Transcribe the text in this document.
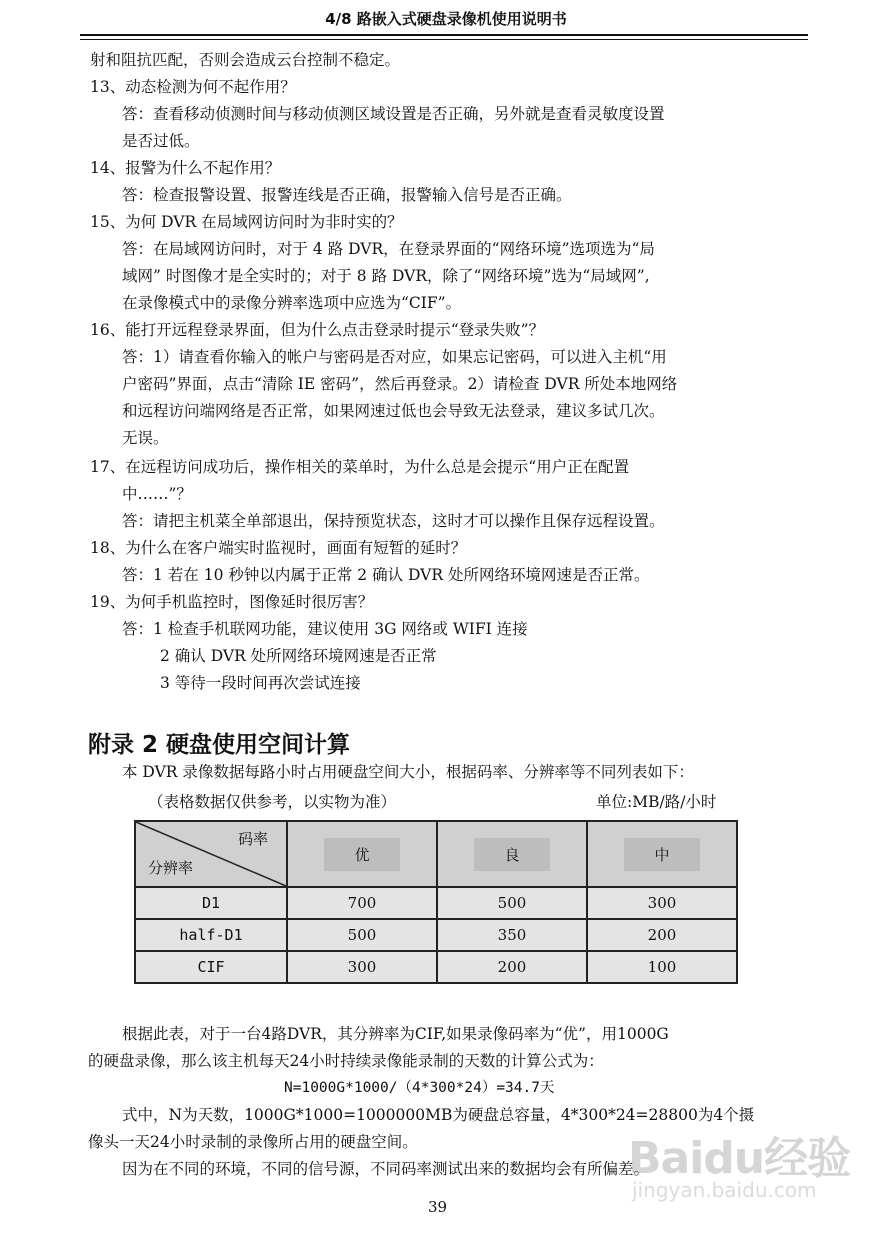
4/8 路嵌入式硬盘录像机使用说明书
射和阻抗匹配，否则会造成云台控制不稳定。
13、动态检测为何不起作用？
答：查看移动侦测时间与移动侦测区域设置是否正确，另外就是查看灵敏度设置
是否过低。
14、报警为什么不起作用？
答：检查报警设置、报警连线是否正确，报警输入信号是否正确。
15、为何 DVR 在局域网访问时为非时实的？
答：在局域网访问时，对于 4 路 DVR，在登录界面的“网络环境”选项选为“局
域网” 时图像才是全实时的；对于 8 路 DVR，除了“网络环境”选为“局域网”,
在录像模式中的录像分辨率选项中应选为“CIF”。
16、能打开远程登录界面，但为什么点击登录时提示“登录失败”？
答：1）请查看你输入的帐户与密码是否对应，如果忘记密码，可以进入主机“用
户密码”界面，点击“清除 IE 密码”，然后再登录。2）请检查 DVR 所处本地网络
和远程访问端网络是否正常，如果网速过低也会导致无法登录，建议多试几次。
无误。
17、在远程访问成功后，操作相关的菜单时，为什么总是会提示“用户正在配置
中……”？
答：请把主机菜全单部退出，保持预览状态，这时才可以操作且保存远程设置。
18、为什么在客户端实时监视时，画面有短暂的延时？
答：1 若在 10 秒钟以内属于正常 2 确认 DVR 处所网络环境网速是否正常。
19、为何手机监控时，图像延时很厉害？
答：1 检查手机联网功能，建议使用 3G 网络或 WIFI 连接
2 确认 DVR 处所网络环境网速是否正常
3 等待一段时间再次尝试连接
附录 2 硬盘使用空间计算
本 DVR 录像数据每路小时占用硬盘空间大小，根据码率、分辨率等不同列表如下：
（表格数据仅供参考，以实物为准）	单位:MB/路/小时
码率
分辨率	优	良	中
D1	700	500	300
half-D1	500	350	200
CIF	300	200	100
根据此表，对于一台4路DVR，其分辨率为CIF,如果录像码率为“优”，用1000G
的硬盘录像，那么该主机每天24小时持续录像能录制的天数的计算公式为：
N=1000G*1000/（4*300*24）=34.7天
式中，N为天数，1000G*1000=1000000MB为硬盘总容量，4*300*24=28800为4个摄
像头一天24小时录制的录像所占用的硬盘空间。
因为在不同的环境，不同的信号源，不同码率测试出来的数据均会有所偏差。
39
Baidu经验
jingyan.baidu.com
